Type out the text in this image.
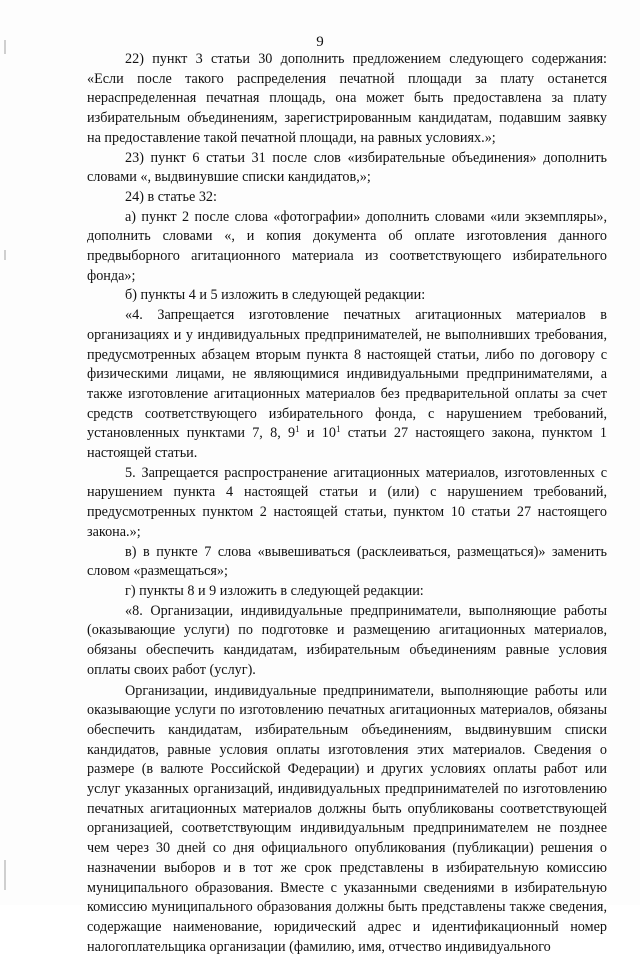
9

22) пункт 3 статьи 30 дополнить предложением следующего содержания: «Если после такого распределения печатной площади за плату останется нераспределенная печатная площадь, она может быть предоставлена за плату избирательным объединениям, зарегистрированным кандидатам, подавшим заявку на предоставление такой печатной площади, на равных условиях.»;

23) пункт 6 статьи 31 после слов «избирательные объединения» дополнить словами «, выдвинувшие списки кандидатов,»;

24) в статье 32:

а) пункт 2 после слова «фотографии» дополнить словами «или экземпляры», дополнить словами «, и копия документа об оплате изготовления данного предвыборного агитационного материала из соответствующего избирательного фонда»;

б) пункты 4 и 5 изложить в следующей редакции:

«4. Запрещается изготовление печатных агитационных материалов в организациях и у индивидуальных предпринимателей, не выполнивших требования, предусмотренных абзацем вторым пункта 8 настоящей статьи, либо по договору с физическими лицами, не являющимися индивидуальными предпринимателями, а также изготовление агитационных материалов без предварительной оплаты за счет средств соответствующего избирательного фонда, с нарушением требований, установленных пунктами 7, 8, $9^1$ и $10^1$ статьи 27 настоящего закона, пунктом 1 настоящей статьи.

5. Запрещается распространение агитационных материалов, изготовленных с нарушением пункта 4 настоящей статьи и (или) с нарушением требований, предусмотренных пунктом 2 настоящей статьи, пунктом 10 статьи 27 настоящего закона.»;

в) в пункте 7 слова «вывешиваться (расклеиваться, размещаться)» заменить словом «размещаться»;

г) пункты 8 и 9 изложить в следующей редакции:

«8. Организации, индивидуальные предприниматели, выполняющие работы (оказывающие услуги) по подготовке и размещению агитационных материалов, обязаны обеспечить кандидатам, избирательным объединениям равные условия оплаты своих работ (услуг).

Организации, индивидуальные предприниматели, выполняющие работы или оказывающие услуги по изготовлению печатных агитационных материалов, обязаны обеспечить кандидатам, избирательным объединениям, выдвинувшим списки кандидатов, равные условия оплаты изготовления этих материалов. Сведения о размере (в валюте Российской Федерации) и других условиях оплаты работ или услуг указанных организаций, индивидуальных предпринимателей по изготовлению печатных агитационных материалов должны быть опубликованы соответствующей организацией, соответствующим индивидуальным предпринимателем не позднее чем через 30 дней со дня официального опубликования (публикации) решения о назначении выборов и в тот же срок представлены в избирательную комиссию муниципального образования. Вместе с указанными сведениями в избирательную комиссию муниципального образования должны быть представлены также сведения, содержащие наименование, юридический адрес и идентификационный номер налогоплательщика организации (фамилию, имя, отчество индивидуального
